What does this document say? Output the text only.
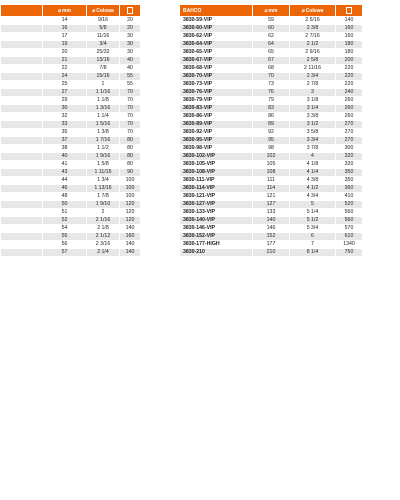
	⌀mm	⌀Colswa	
	14	9/16	20
	16	5/8	20
	17	11/16	30
	19	3/4	30
	20	25/32	30
	21	13/16	40
	22	7/8	40
	24	15/16	55
	25	1	55
	27	1 1/16	70
	29	1 1/8	70
	30	1 3/16	70
	32	1 1/4	70
	33	1 5/16	70
	35	1 3/8	70
	37	1 7/16	80
	38	1 1/2	80
	40	1 9/16	80
	41	1 5/8	80
	43	1 11/16	90
	44	1 3/4	100
	46	1 13/16	100
	48	1 7/8	100
	50	1 9/10	120
	51	2	120
	52	2 1/16	120
	54	2 1/8	140
	55	2 1/12	160
	56	2 3/16	140
	57	2 1/4	140
BAHCO	⌀mm	⌀Colswa	
3830-59-VIP	59	2 5/16	140
3830-60-VIP	60	2 3/8	160
3830-62-VIP	62	2 7/16	160
3830-64-VIP	64	2 1/2	180
3830-65-VIP	65	2 9/16	180
3830-67-VIP	67	2 5/8	200
3830-68-VIP	68	2 11/16	220
3830-70-VIP	70	2 3/4	220
3830-73-VIP	73	2 7/8	220
3830-76-VIP	76	3	240
3830-79-VIP	79	3 1/8	260
3830-83-VIP	83	3 1/4	260
3830-86-VIP	86	3 3/8	260
3830-89-VIP	89	3 1/2	270
3830-92-VIP	92	3 5/8	270
3830-95-VIP	95	3 3/4	270
3830-98-VIP	98	3 7/8	300
3830-102-VIP	102	4	320
3830-105-VIP	105	4 1/8	320
3830-108-VIP	108	4 1/4	350
3830-111-VIP	111	4 3/8	350
3830-114-VIP	114	4 1/2	360
3830-121-VIP	121	4 3/4	410
3830-127-VIP	127	5	520
3830-133-VIP	133	5 1/4	560
3830-140-VIP	140	5 1/2	560
3830-146-VIP	146	5 3/4	570
3830-152-VIP	152	6	610
3830-177-HIGH	177	7	1340
3830-210	210	8 1/4	750
